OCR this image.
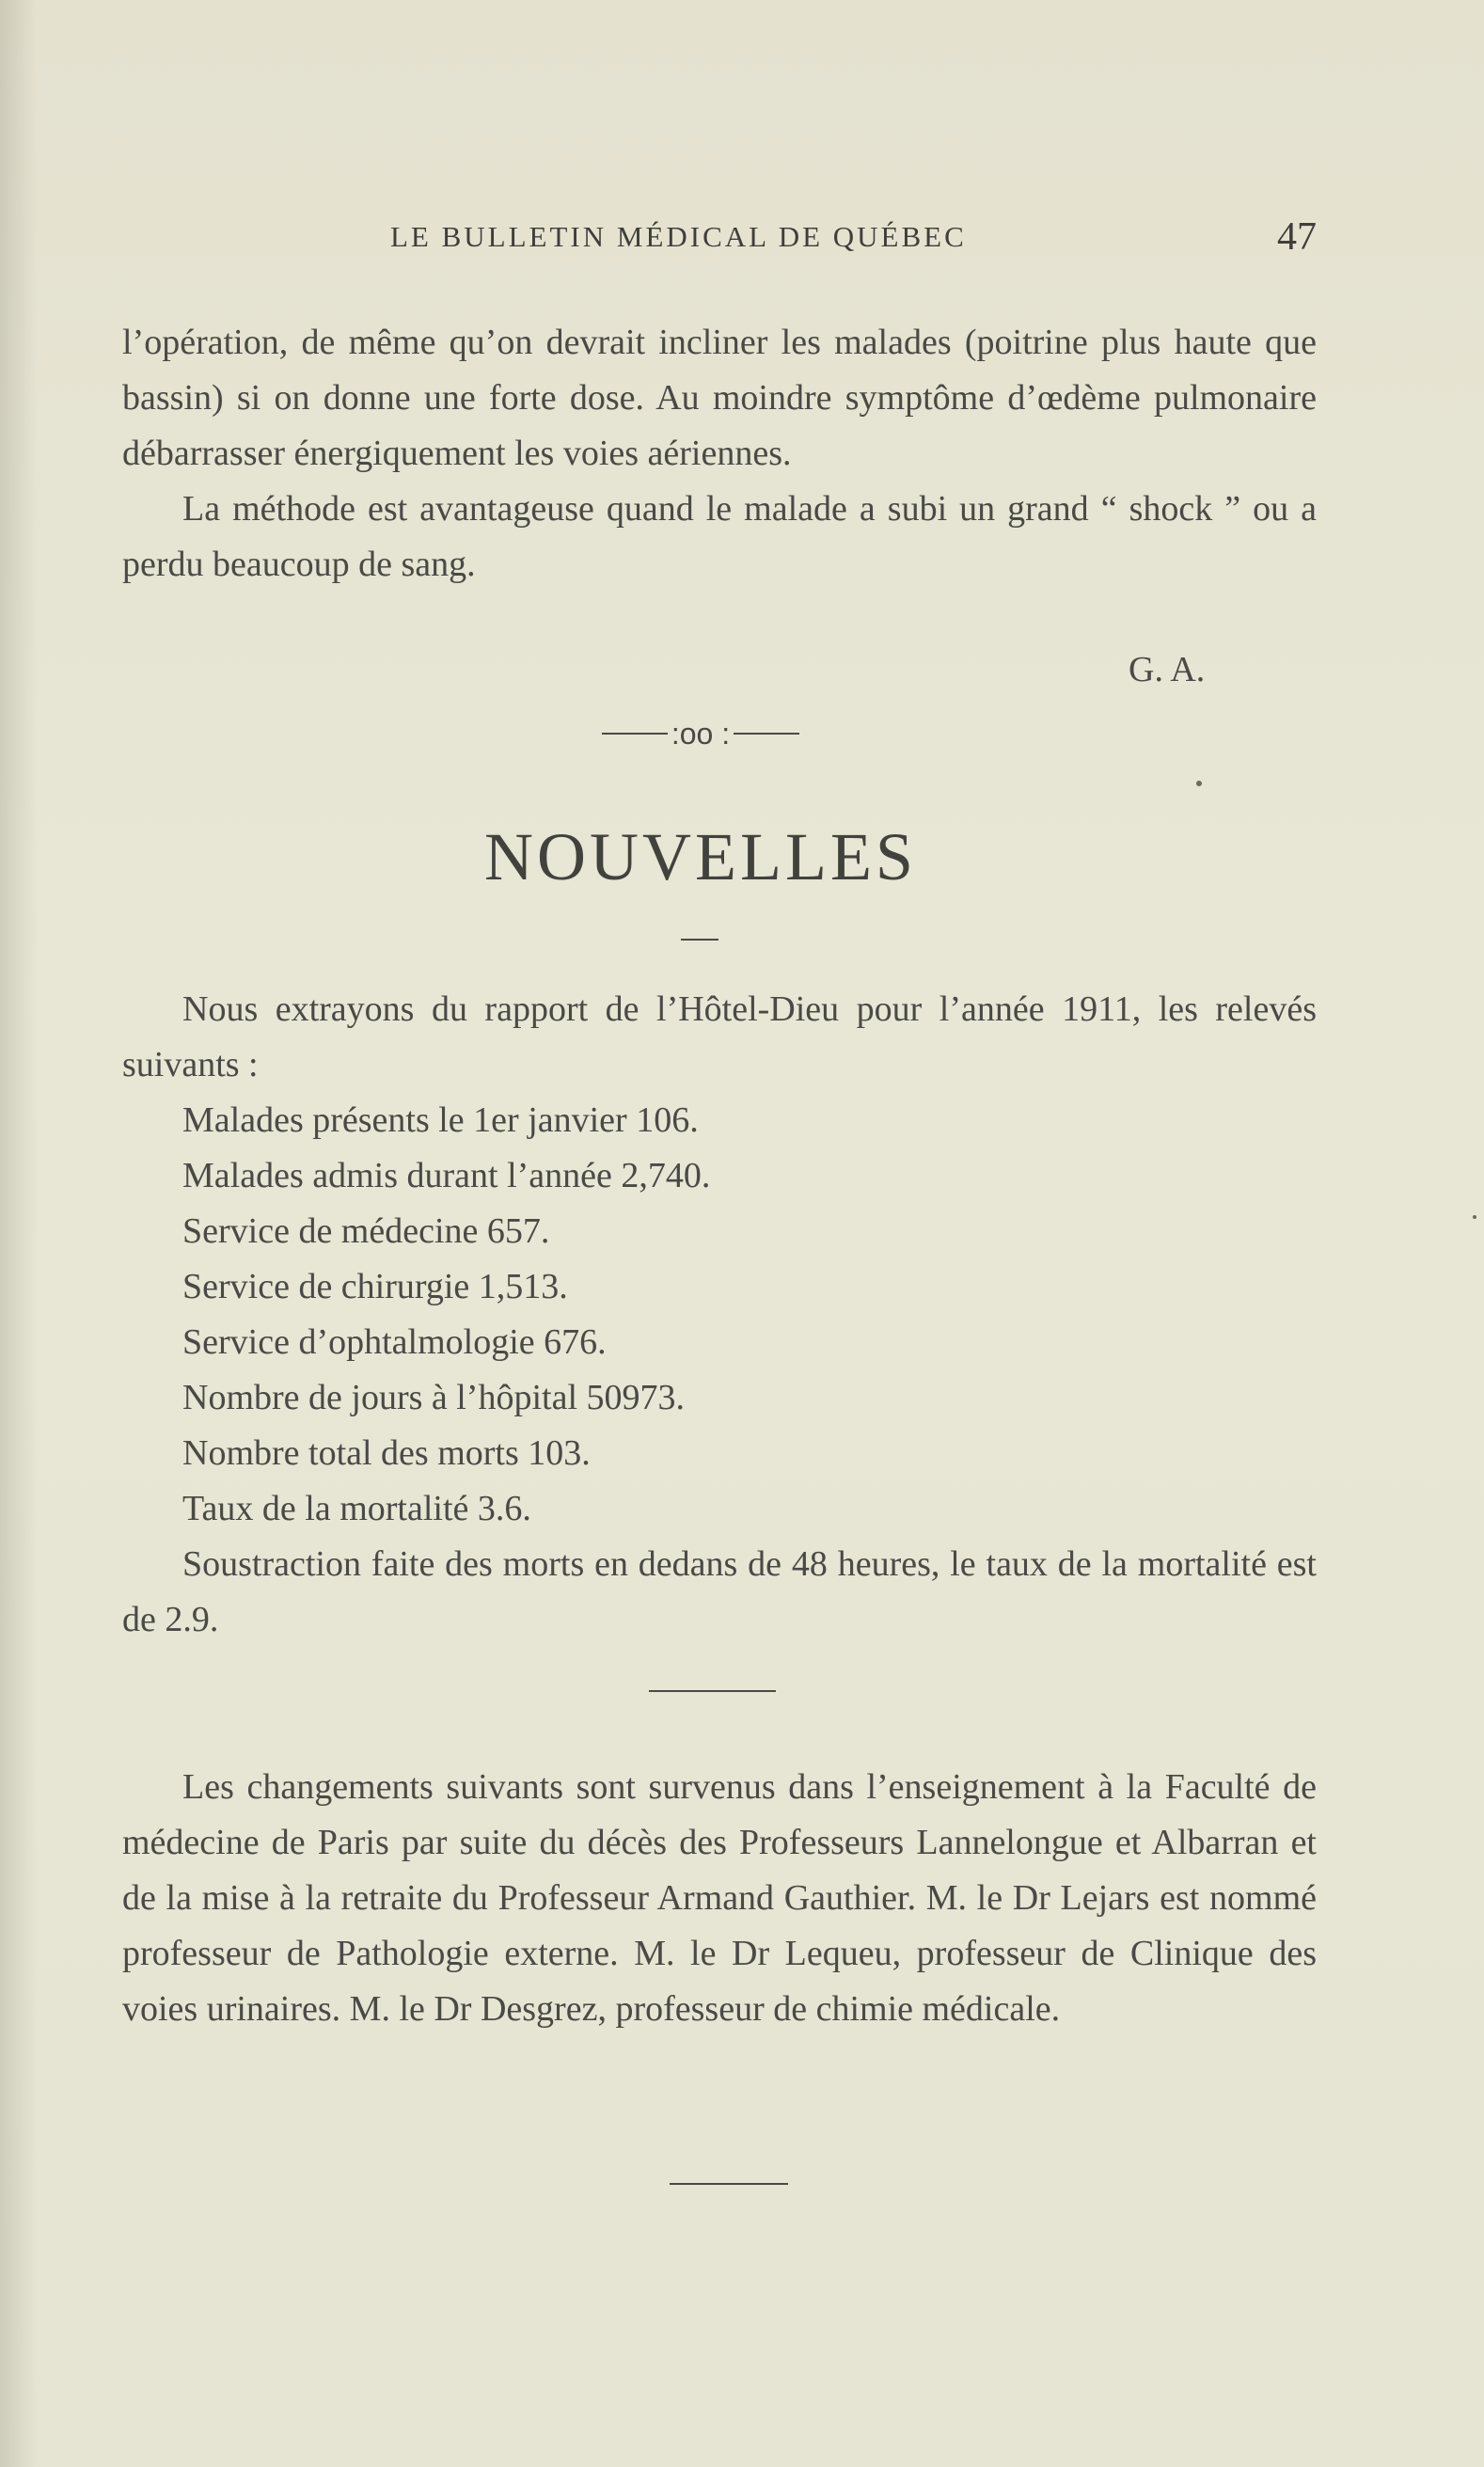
LE BULLETIN MÉDICAL DE QUÉBEC	47

l’opération, de même qu’on devrait incliner les malades (poitrine plus haute que bassin) si on donne une forte dose. Au moindre symptôme d’œdème pulmonaire débarrasser énergiquement les voies aériennes.

La méthode est avantageuse quand le malade a subi un grand “ shock ” ou a perdu beaucoup de sang.

G. A.
:oo :
NOUVELLES

Nous extrayons du rapport de l’Hôtel-Dieu pour l’année 1911, les relevés suivants :

Malades présents le 1er janvier 106.

Malades admis durant l’année 2,740.

Service de médecine 657.

Service de chirurgie 1,513.

Service d’ophtalmologie 676.

Nombre de jours à l’hôpital 50973.

Nombre total des morts 103.

Taux de la mortalité 3.6.

Soustraction faite des morts en dedans de 48 heures, le taux de la mortalité est de 2.9.

Les changements suivants sont survenus dans l’enseignement à la Faculté de médecine de Paris par suite du décès des Professeurs Lannelongue et Albarran et de la mise à la retraite du Professeur Armand Gauthier. M. le Dr Lejars est nommé professeur de Pathologie externe. M. le Dr Lequeu, professeur de Clinique des voies urinaires. M. le Dr Desgrez, professeur de chimie médicale.
